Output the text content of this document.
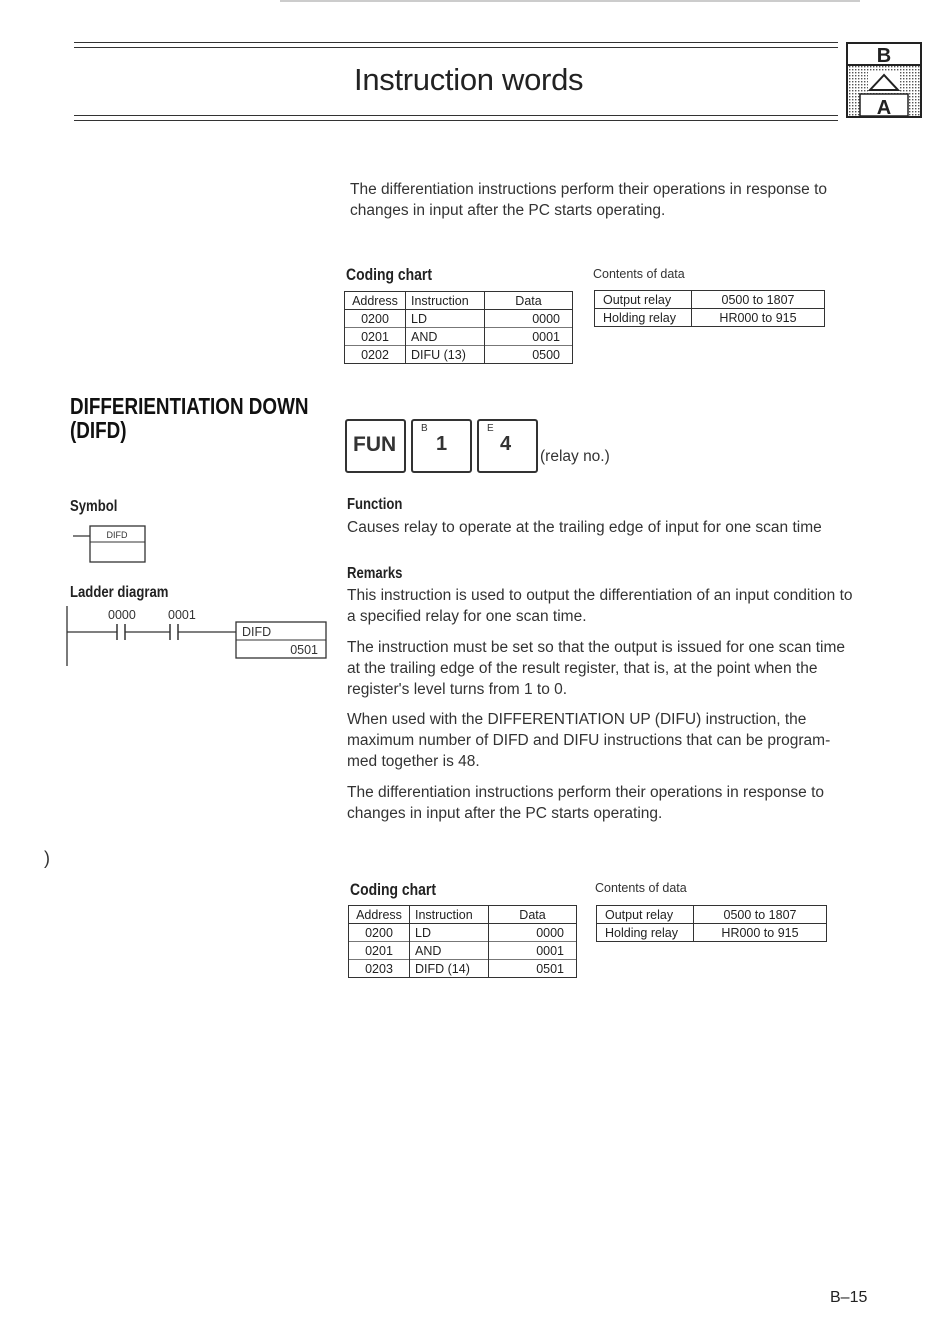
Instruction words
B
A
The differentiation instructions perform their operations in response to changes in input after the PC starts operating.
Coding chart	Contents of data
Address	Instruction	Data
0200	LD	0000
0201	AND	0001
0202	DIFU (13)	0500
Output relay	0500 to 1807
Holding relay	HR000 to 915
DIFFERIENTIATION DOWN
(DIFD)
FUN
B
1
E
4
(relay no.)
Symbol
DIFD
Ladder diagram
0000	0001
DIFD
0501
Function
Causes relay to operate at the trailing edge of input for one scan time
Remarks
This instruction is used to output the differentiation of an input condition to a specified relay for one scan time.
The instruction must be set so that the output is issued for one scan time at the trailing edge of the result register, that is, at the point when the register's level turns from 1 to 0.
When used with the DIFFERENTIATION UP (DIFU) instruction, the maximum number of DIFD and DIFU instructions that can be program-med together is 48.
The differentiation instructions perform their operations in response to changes in input after the PC starts operating.
)
Coding chart	Contents of data
Address	Instruction	Data
0200	LD	0000
0201	AND	0001
0203	DIFD (14)	0501
Output relay	0500 to 1807
Holding relay	HR000 to 915
B–15
